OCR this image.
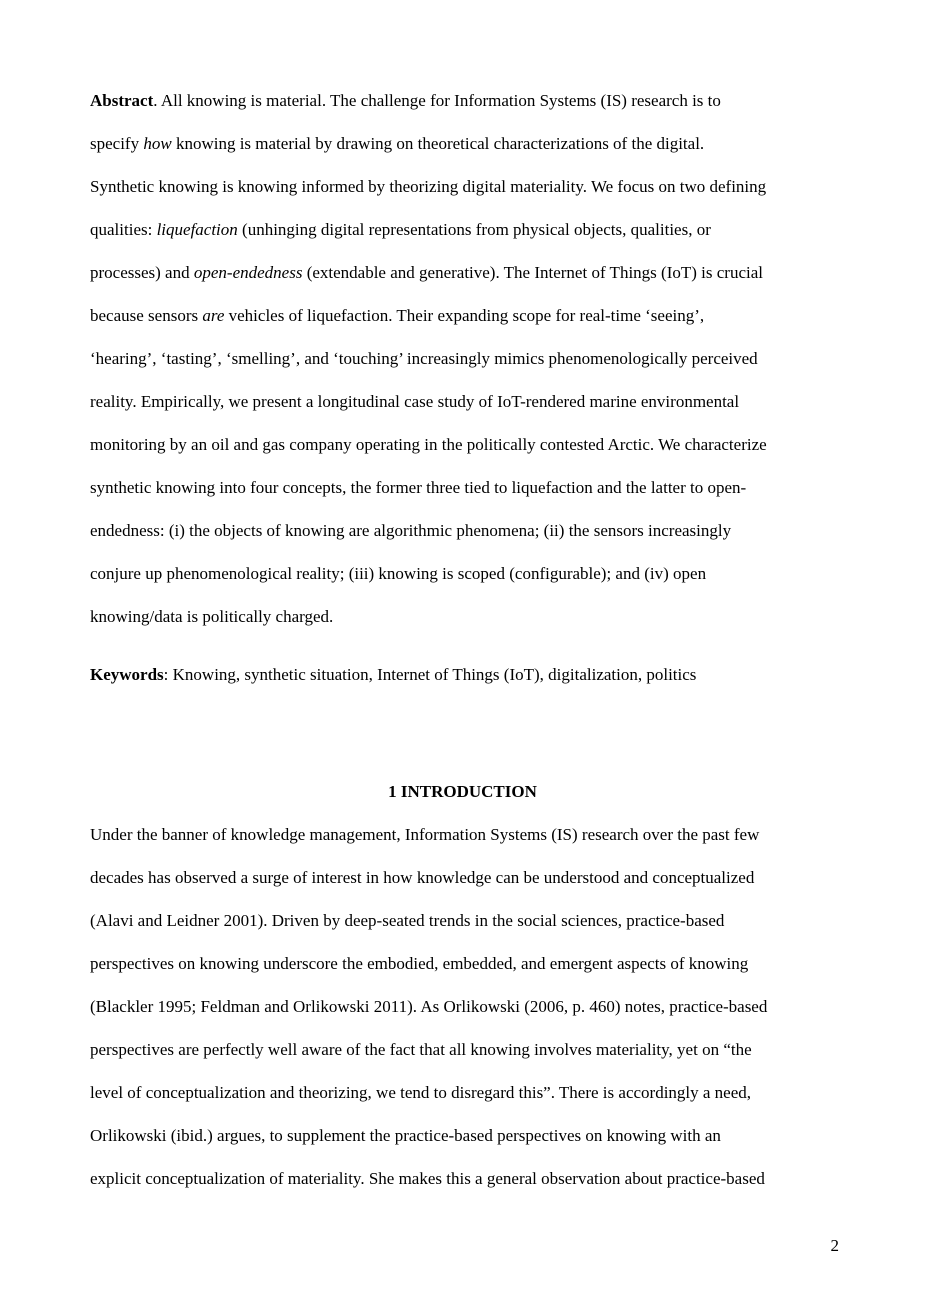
Abstract. All knowing is material. The challenge for Information Systems (IS) research is to
specify how knowing is material by drawing on theoretical characterizations of the digital.
Synthetic knowing is knowing informed by theorizing digital materiality. We focus on two defining
qualities: liquefaction (unhinging digital representations from physical objects, qualities, or
processes) and open-endedness (extendable and generative). The Internet of Things (IoT) is crucial
because sensors are vehicles of liquefaction. Their expanding scope for real-time ‘seeing’,
‘hearing’, ‘tasting’, ‘smelling’, and ‘touching’ increasingly mimics phenomenologically perceived
reality. Empirically, we present a longitudinal case study of IoT-rendered marine environmental
monitoring by an oil and gas company operating in the politically contested Arctic. We characterize
synthetic knowing into four concepts, the former three tied to liquefaction and the latter to open-
endedness: (i) the objects of knowing are algorithmic phenomena; (ii) the sensors increasingly
conjure up phenomenological reality; (iii) knowing is scoped (configurable); and (iv) open
knowing/data is politically charged.
Keywords: Knowing, synthetic situation, Internet of Things (IoT), digitalization, politics
1 INTRODUCTION
Under the banner of knowledge management, Information Systems (IS) research over the past few
decades has observed a surge of interest in how knowledge can be understood and conceptualized
(Alavi and Leidner 2001). Driven by deep-seated trends in the social sciences, practice-based
perspectives on knowing underscore the embodied, embedded, and emergent aspects of knowing
(Blackler 1995; Feldman and Orlikowski 2011). As Orlikowski (2006, p. 460) notes, practice-based
perspectives are perfectly well aware of the fact that all knowing involves materiality, yet on “the
level of conceptualization and theorizing, we tend to disregard this”. There is accordingly a need,
Orlikowski (ibid.) argues, to supplement the practice-based perspectives on knowing with an
explicit conceptualization of materiality. She makes this a general observation about practice-based
2
